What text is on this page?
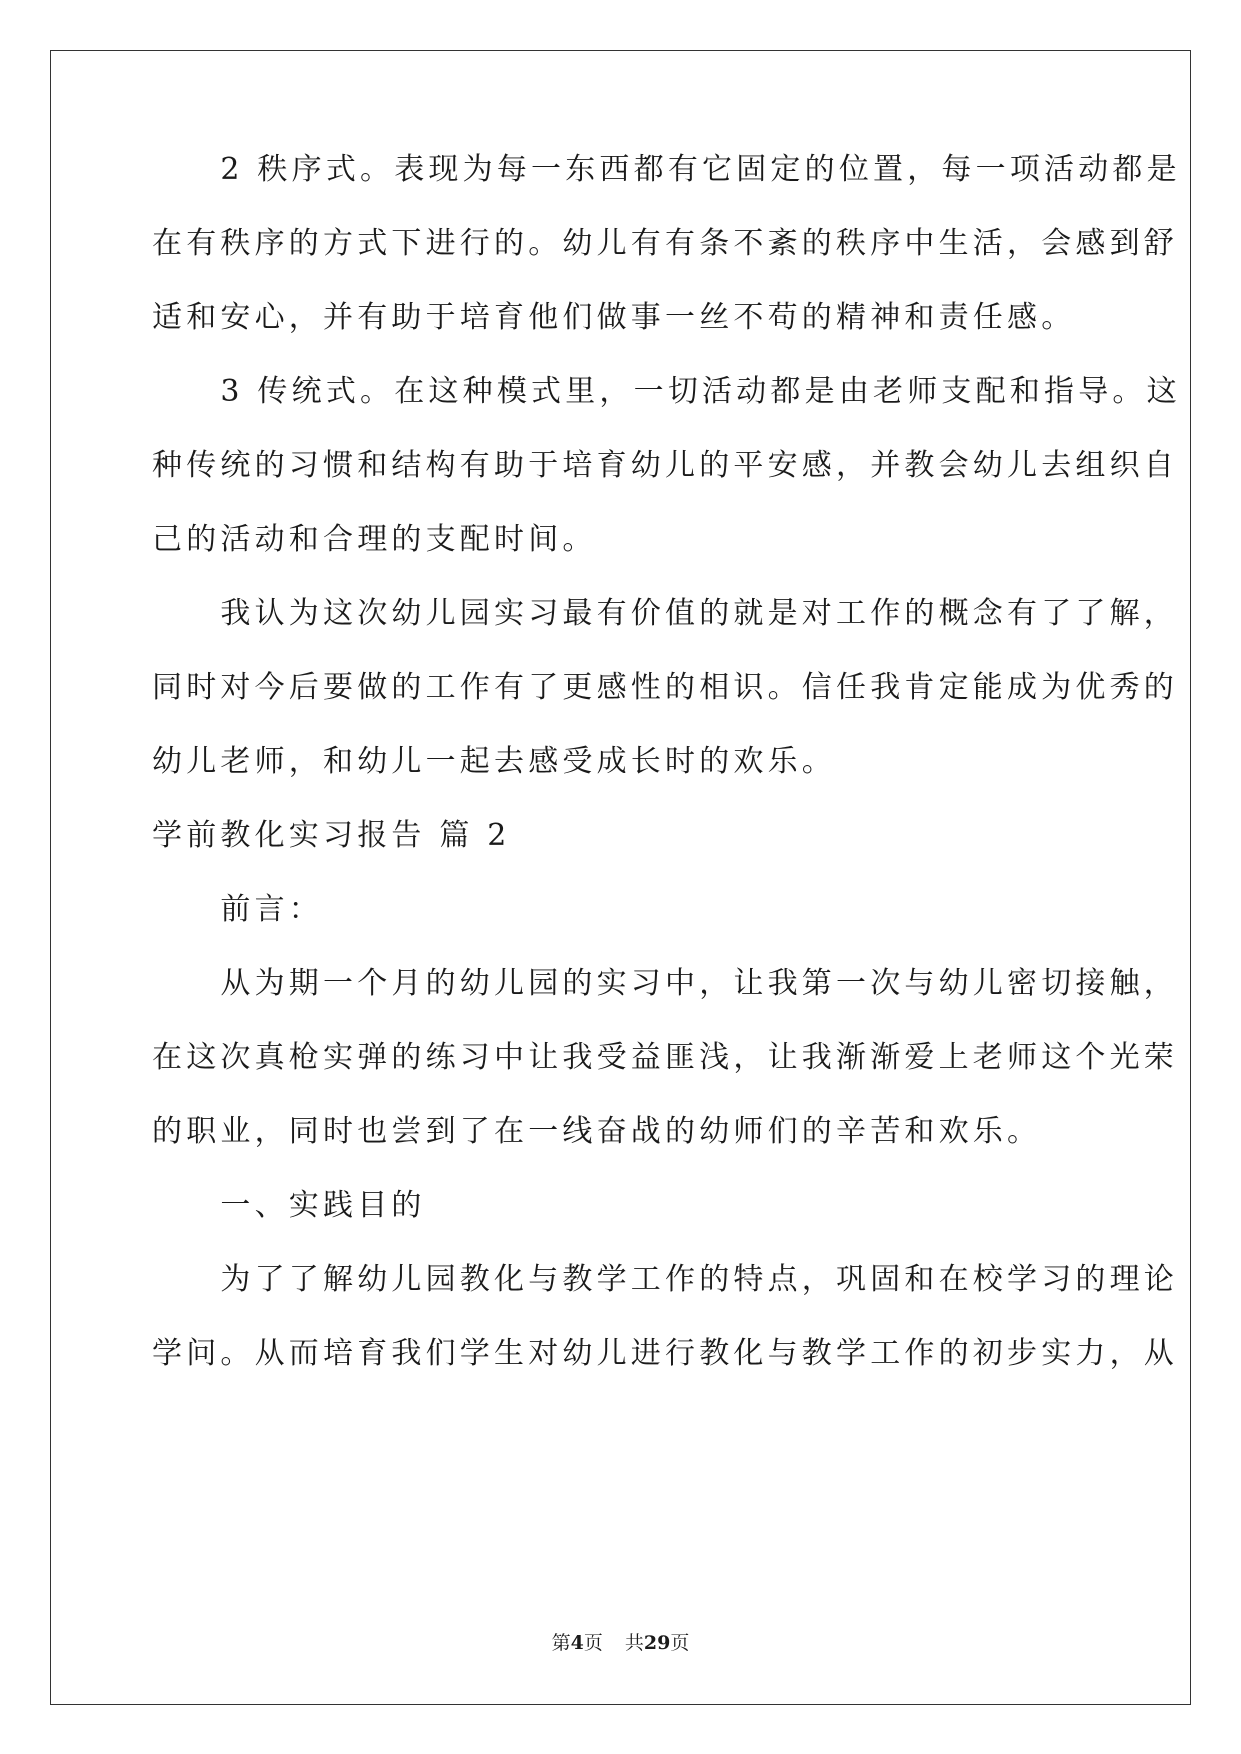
　　2 秩序式。表现为每一东西都有它固定的位置，每一项活动都是
在有秩序的方式下进行的。幼儿有有条不紊的秩序中生活，会感到舒
适和安心，并有助于培育他们做事一丝不苟的精神和责任感。
　　3 传统式。在这种模式里，一切活动都是由老师支配和指导。这
种传统的习惯和结构有助于培育幼儿的平安感，并教会幼儿去组织自
己的活动和合理的支配时间。
　　我认为这次幼儿园实习最有价值的就是对工作的概念有了了解，
同时对今后要做的工作有了更感性的相识。信任我肯定能成为优秀的
幼儿老师，和幼儿一起去感受成长时的欢乐。
学前教化实习报告 篇 2
　　前言：
　　从为期一个月的幼儿园的实习中，让我第一次与幼儿密切接触，
在这次真枪实弹的练习中让我受益匪浅，让我渐渐爱上老师这个光荣
的职业，同时也尝到了在一线奋战的幼师们的辛苦和欢乐。
　　一、实践目的
　　为了了解幼儿园教化与教学工作的特点，巩固和在校学习的理论
学问。从而培育我们学生对幼儿进行教化与教学工作的初步实力，从
第4页 共29页
